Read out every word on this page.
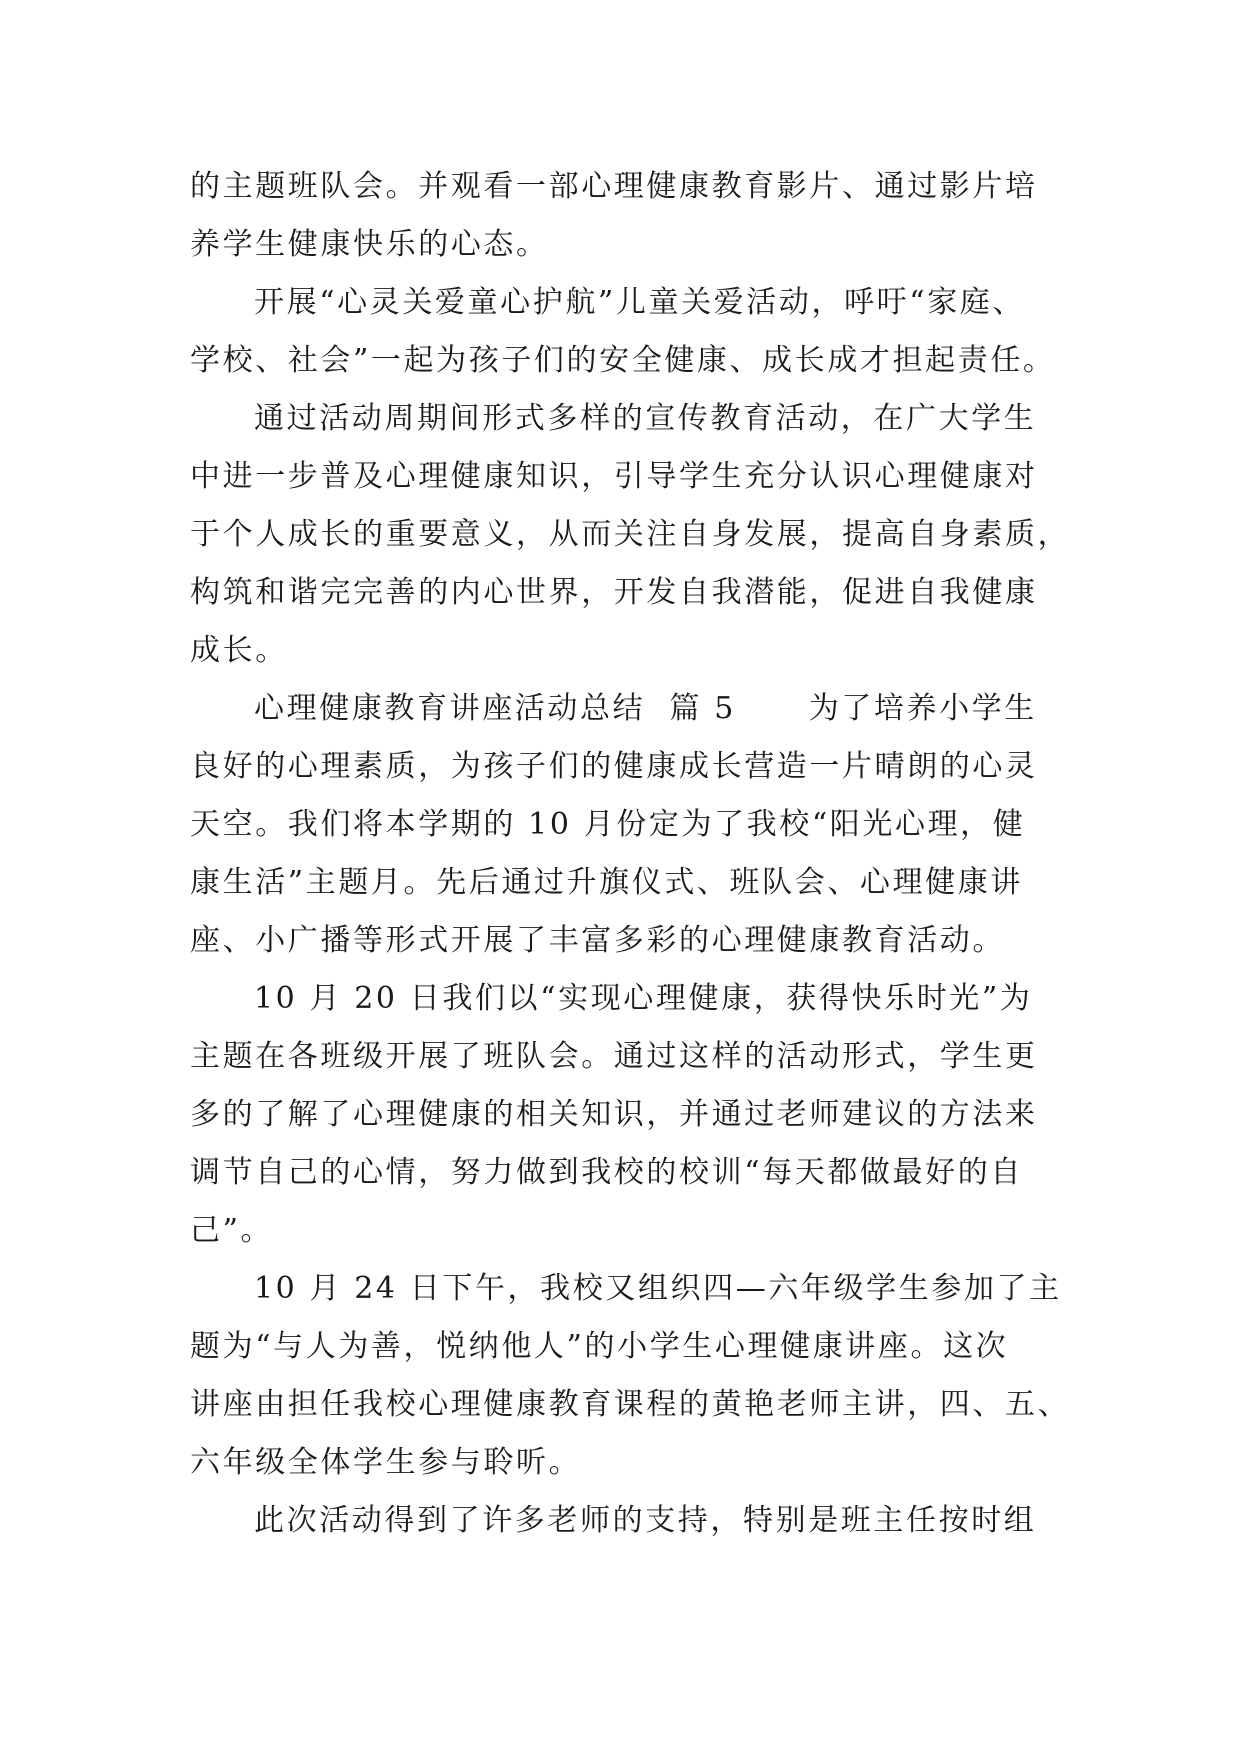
的主题班队会。并观看一部心理健康教育影片、通过影片培
养学生健康快乐的心态。
开展“心灵关爱童心护航”儿童关爱活动，呼吁“家庭、
学校、社会”一起为孩子们的安全健康、成长成才担起责任。
通过活动周期间形式多样的宣传教育活动，在广大学生
中进一步普及心理健康知识，引导学生充分认识心理健康对
于个人成长的重要意义，从而关注自身发展，提高自身素质，
构筑和谐完完善的内心世界，开发自我潜能，促进自我健康
成长。
心理健康教育讲座活动总结  篇 5      为了培养小学生
良好的心理素质，为孩子们的健康成长营造一片晴朗的心灵
天空。我们将本学期的 10 月份定为了我校“阳光心理，健
康生活”主题月。先后通过升旗仪式、班队会、心理健康讲
座、小广播等形式开展了丰富多彩的心理健康教育活动。
10 月 20 日我们以“实现心理健康，获得快乐时光”为
主题在各班级开展了班队会。通过这样的活动形式，学生更
多的了解了心理健康的相关知识，并通过老师建议的方法来
调节自己的心情，努力做到我校的校训“每天都做最好的自
己”。
10 月 24 日下午，我校又组织四—六年级学生参加了主
题为“与人为善，悦纳他人”的小学生心理健康讲座。这次
讲座由担任我校心理健康教育课程的黄艳老师主讲，四、五、
六年级全体学生参与聆听。
此次活动得到了许多老师的支持，特别是班主任按时组
